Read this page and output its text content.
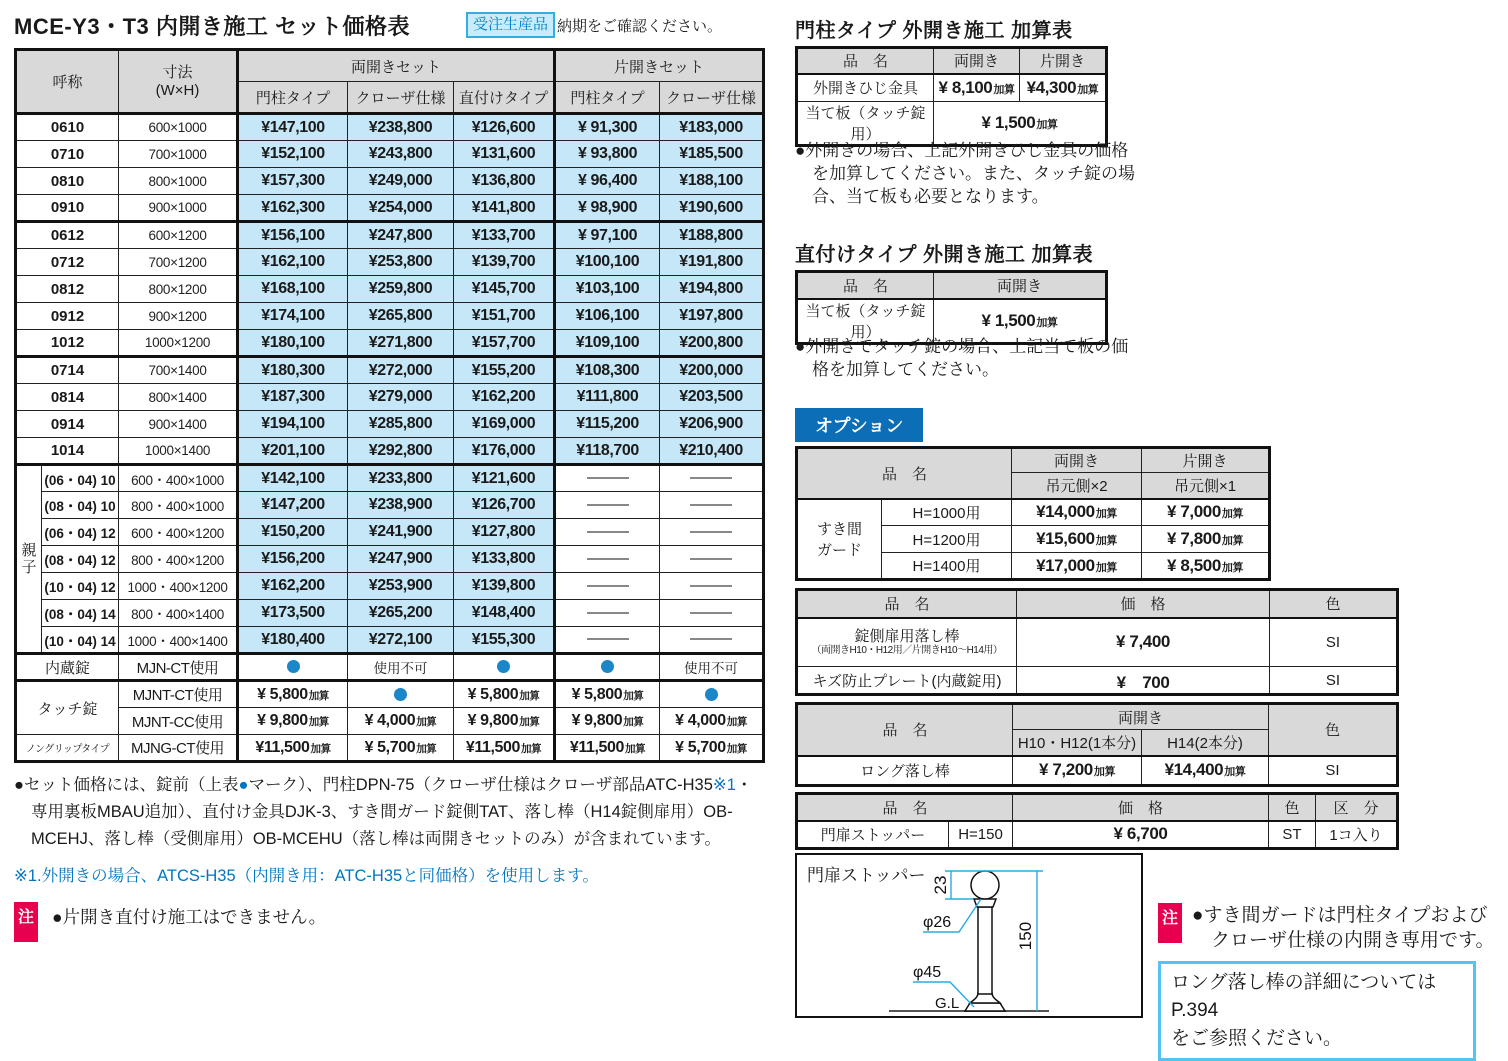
MCE-Y3・T3 内開き施工 セット価格表	受注生産品 納期をご確認ください。
呼称		寸法
(W×H)	両開きセット			片開きセット	
			門柱タイプ	クローザ仕様	直付けタイプ	門柱タイプ	クローザ仕様
0610		600×1000	¥147,100	¥238,800	¥126,600	¥ 91,300	¥183,000
0710		700×1000	¥152,100	¥243,800	¥131,600	¥ 93,800	¥185,500
0810		800×1000	¥157,300	¥249,000	¥136,800	¥ 96,400	¥188,100
0910		900×1000	¥162,300	¥254,000	¥141,800	¥ 98,900	¥190,600
0612		600×1200	¥156,100	¥247,800	¥133,700	¥ 97,100	¥188,800
0712		700×1200	¥162,100	¥253,800	¥139,700	¥100,100	¥191,800
0812		800×1200	¥168,100	¥259,800	¥145,700	¥103,100	¥194,800
0912		900×1200	¥174,100	¥265,800	¥151,700	¥106,100	¥197,800
1012		1000×1200	¥180,100	¥271,800	¥157,700	¥109,100	¥200,800
0714		700×1400	¥180,300	¥272,000	¥155,200	¥108,300	¥200,000
0814		800×1400	¥187,300	¥279,000	¥162,200	¥111,800	¥203,500
0914		900×1400	¥194,100	¥285,800	¥169,000	¥115,200	¥206,900
1014		1000×1400	¥201,100	¥292,800	¥176,000	¥118,700	¥210,400

親
子	(06・04) 10	600・400×1000	¥142,100	¥233,800	¥121,600		
	(08・04) 10	800・400×1000	¥147,200	¥238,900	¥126,700		
	(06・04) 12	600・400×1200	¥150,200	¥241,900	¥127,800		
	(08・04) 12	800・400×1200	¥156,200	¥247,900	¥133,800		
	(10・04) 12	1000・400×1200	¥162,200	¥253,900	¥139,800		
	(08・04) 14	800・400×1400	¥173,500	¥265,200	¥148,400		
	(10・04) 14	1000・400×1400	¥180,400	¥272,100	¥155,300		
内蔵錠		MJN-CT使用		使用不可			使用不可
タッチ錠		MJNT-CT使用	¥ 5,800加算		¥ 5,800加算	¥ 5,800加算	
		MJNT-CC使用	¥ 9,800加算	¥ 4,000加算	¥ 9,800加算	¥ 9,800加算	¥ 4,000加算
ノングリップタイプ		MJNG-CT使用	¥11,500加算	¥ 5,700加算	¥11,500加算	¥11,500加算	¥ 5,700加算
●セット価格には、錠前（上表●マーク）、門柱DPN-75（クローザ仕様はクローザ部品ATC-H35※1・専用裏板MBAU追加）、直付け金具DJK-3、すき間ガード錠側TAT、落し棒（H14錠側扉用）OB-MCEHJ、落し棒（受側扉用）OB-MCEHU（落し棒は両開きセットのみ）が含まれています。
※1.外開きの場合、ATCS-H35（内開き用：ATC-H35と同価格）を使用します。
注 ●片開き直付け施工はできません。
門柱タイプ 外開き施工 加算表
品　名	両開き	片開き
外開きひじ金具	¥ 8,100加算	¥4,300加算
当て板（タッチ錠用）	¥ 1,500加算	
●外開きの場合、上記外開きひじ金具の価格を加算してください。また、タッチ錠の場合、当て板も必要となります。
直付けタイプ 外開き施工 加算表
品　名	両開き
当て板（タッチ錠用）	¥ 1,500加算
●外開きでタッチ錠の場合、上記当て板の価格を加算してください。
オプション
品　名		両開き	片開き
		吊元側×2	吊元側×1

すき間
ガード	H=1000用	¥14,000加算	¥ 7,000加算
	H=1200用	¥15,600加算	¥ 7,800加算
	H=1400用	¥17,000加算	¥ 8,500加算
品　名	価　格	色

錠側扉用落し棒
（両開きH10・H12用／片開きH10～H14用）	¥ 7,400	SI
キズ防止プレート(内蔵錠用)	¥　700	SI
品　名	両開き		色
	H10・H12(1本分)	H14(2本分)	
ロング落し棒	¥ 7,200加算	¥14,400加算	SI
品　名		価　格	色	区　分
門扉ストッパー	H=150	¥ 6,700	ST	1コ入り
門扉ストッパー 23
φ26
φ45
150
G.L
注 ●すき間ガードは門柱タイプおよび
クローザ仕様の内開き専用です。
ロング落し棒の詳細についてはP.394
をご参照ください。
